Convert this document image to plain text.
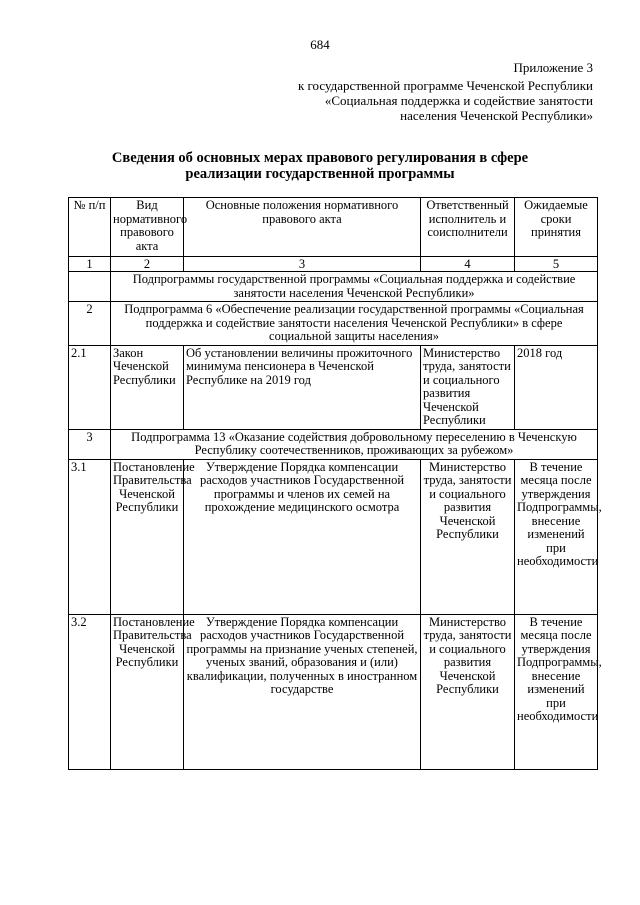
684
Приложение 3
к государственной программе Чеченской Республики
«Социальная поддержка и содействие занятости
населения Чеченской Республики»
Сведения об основных мерах правового регулирования в сфере
реализации государственной программы
№ п/п	Вид нормативного правового акта	Основные положения нормативного правового акта	Ответственный исполнитель и соисполнители	Ожидаемые сроки принятия
1	2	3	4	5
	Подпрограммы государственной программы «Социальная поддержка и содействие занятости населения Чеченской Республики»			
2	Подпрограмма 6 «Обеспечение реализации государственной программы «Социальная поддержка и содействие занятости населения Чеченской Республики» в сфере социальной защиты населения»			
2.1	Закон Чеченской Республики	Об установлении величины прожиточного минимума пенсионера в Чеченской Республике на 2019 год	Министерство труда, занятости и социального развития Чеченской Республики	2018 год
3	Подпрограмма 13 «Оказание содействия добровольному переселению в Чеченскую Республику соотечественников, проживающих за рубежом»			
3.1	Постановление Правительства Чеченской Республики	Утверждение Порядка компенсации расходов участников Государственной программы и членов их семей на прохождение медицинского осмотра	Министерство труда, занятости и социального развития Чеченской Республики	В течение месяца после утверждения Подпрограммы, внесение изменений при необходимости
3.2	Постановление Правительства Чеченской Республики	Утверждение Порядка компенсации расходов участников Государственной программы на признание ученых степеней, ученых званий, образования и (или) квалификации, полученных в иностранном государстве	Министерство труда, занятости и социального развития Чеченской Республики	В течение месяца после утверждения Подпрограммы, внесение изменений при необходимости
